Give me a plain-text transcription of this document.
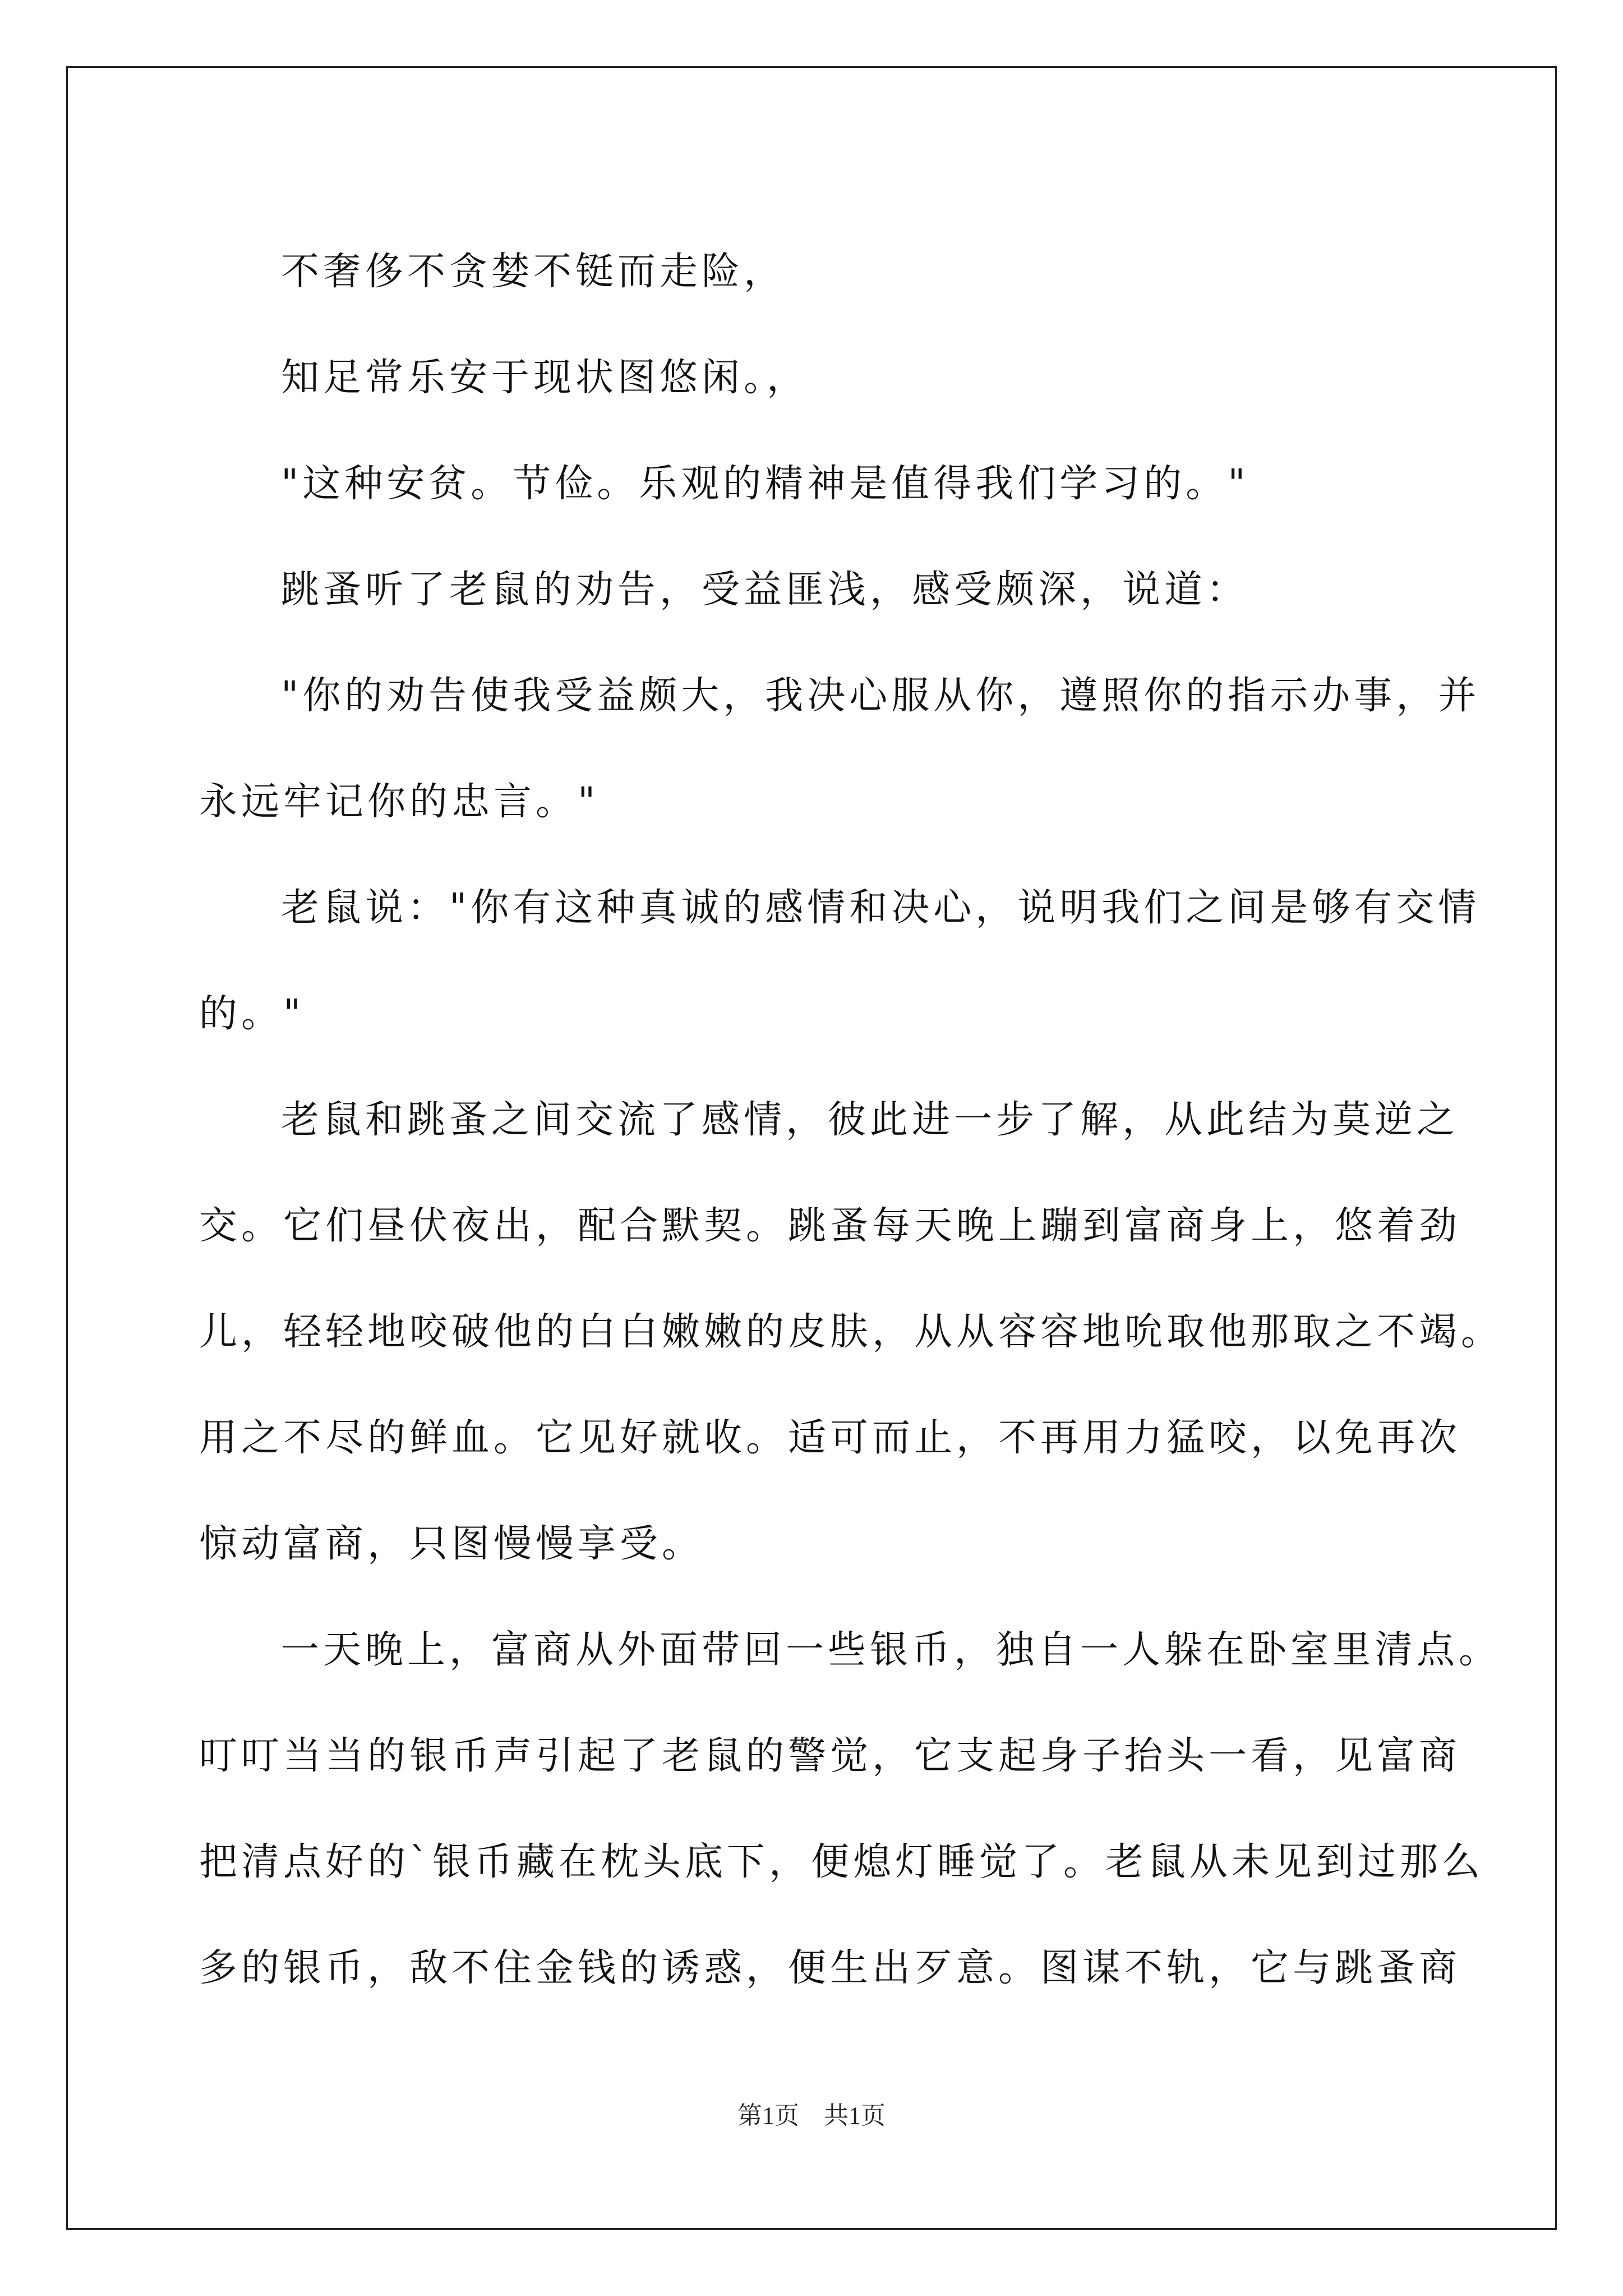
不奢侈不贪婪不铤而走险，

知足常乐安于现状图悠闲。，

"这种安贫。节俭。乐观的精神是值得我们学习的。"

跳蚤听了老鼠的劝告，受益匪浅，感受颇深，说道：

"你的劝告使我受益颇大，我决心服从你，遵照你的指示办事，并
永远牢记你的忠言。"

老鼠说："你有这种真诚的感情和决心，说明我们之间是够有交情
的。"

老鼠和跳蚤之间交流了感情，彼此进一步了解，从此结为莫逆之
交。它们昼伏夜出，配合默契。跳蚤每天晚上蹦到富商身上，悠着劲
儿，轻轻地咬破他的白白嫩嫩的皮肤，从从容容地吮取他那取之不竭。
用之不尽的鲜血。它见好就收。适可而止，不再用力猛咬，以免再次
惊动富商，只图慢慢享受。

一天晚上，富商从外面带回一些银币，独自一人躲在卧室里清点。
叮叮当当的银币声引起了老鼠的警觉，它支起身子抬头一看，见富商
把清点好的`银币藏在枕头底下，便熄灯睡觉了。老鼠从未见到过那么
多的银币，敌不住金钱的诱惑，便生出歹意。图谋不轨，它与跳蚤商

第1页　共1页
